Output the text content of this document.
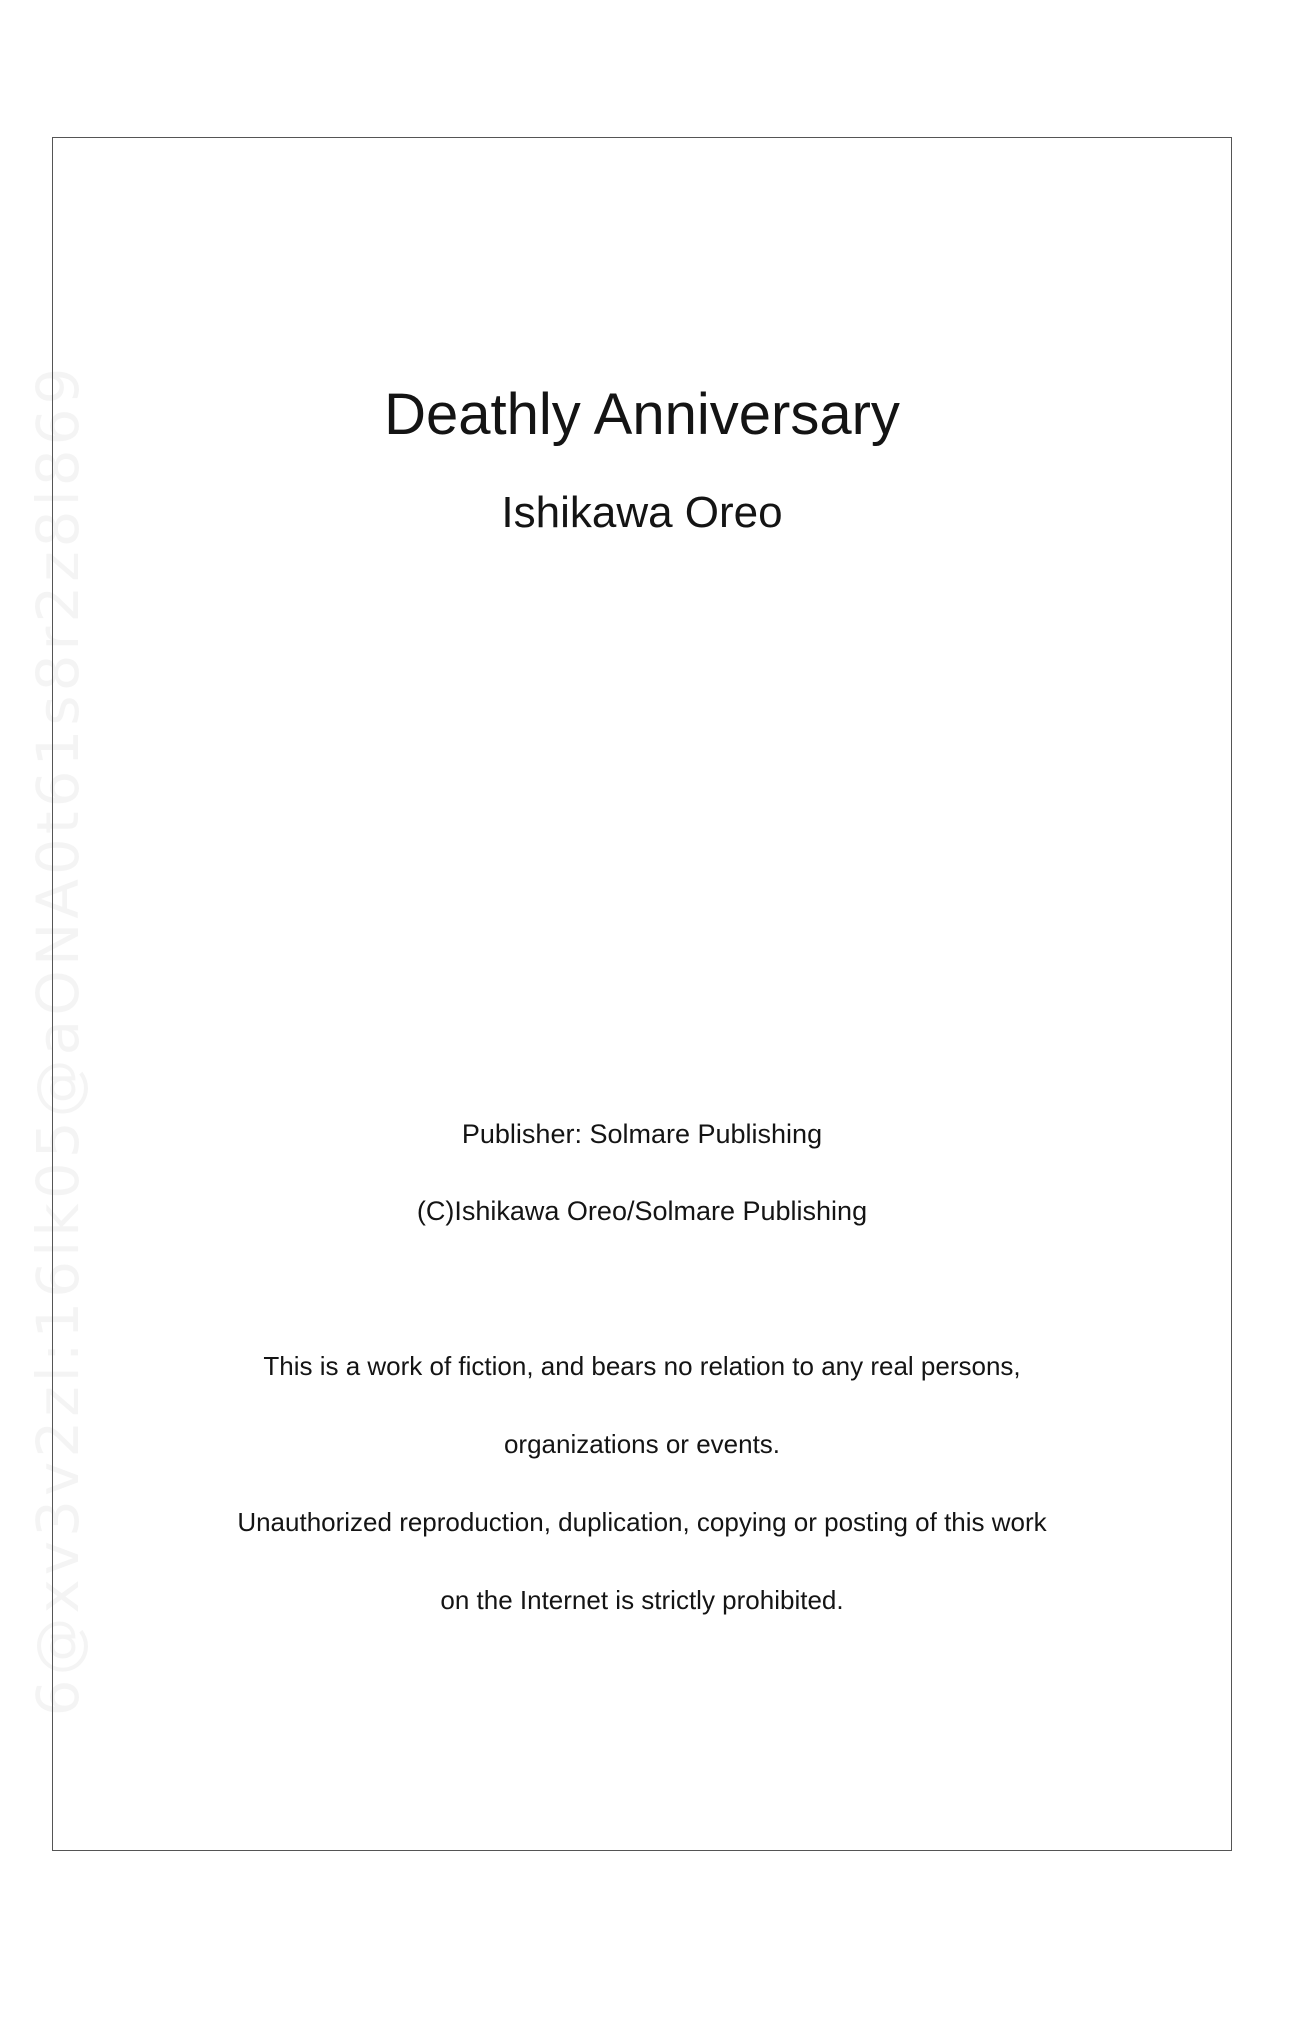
Deathly Anniversary

Ishikawa Oreo

Publisher: Solmare Publishing

(C)Ishikawa Oreo/Solmare Publishing

This is a work of fiction, and bears no relation to any real persons,

organizations or events.

Unauthorized reproduction, duplication, copying or posting of this work

on the Internet is strictly prohibited.
